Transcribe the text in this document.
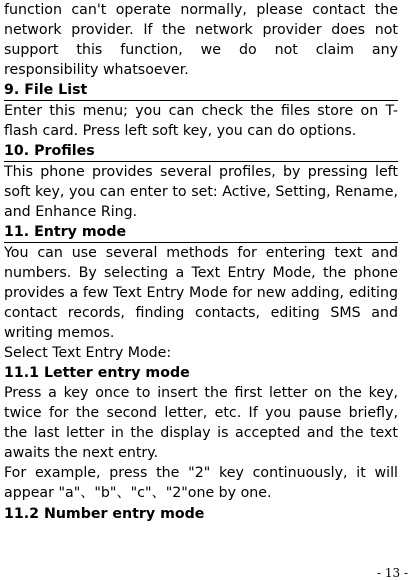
function can't operate normally, please contact the network provider. If the network provider does not support this function, we do not claim any responsibility whatsoever.

9. File List

Enter this menu; you can check the files store on T-flash card. Press left soft key, you can do options.

10. Profiles

This phone provides several profiles, by pressing left soft key, you can enter to set: Active, Setting, Rename, and Enhance Ring.

11. Entry mode

You can use several methods for entering text and numbers. By selecting a Text Entry Mode, the phone provides a few Text Entry Mode for new adding, editing contact records, finding contacts, editing SMS and writing memos.

Select Text Entry Mode:

11.1 Letter entry mode

Press a key once to insert the first letter on the key, twice for the second letter, etc. If you pause briefly, the last letter in the display is accepted and the text awaits the next entry.

For example, press the "2" key continuously, it will appear "a"、"b"、"c"、"2"one by one.

11.2 Number entry mode
- 13 -
